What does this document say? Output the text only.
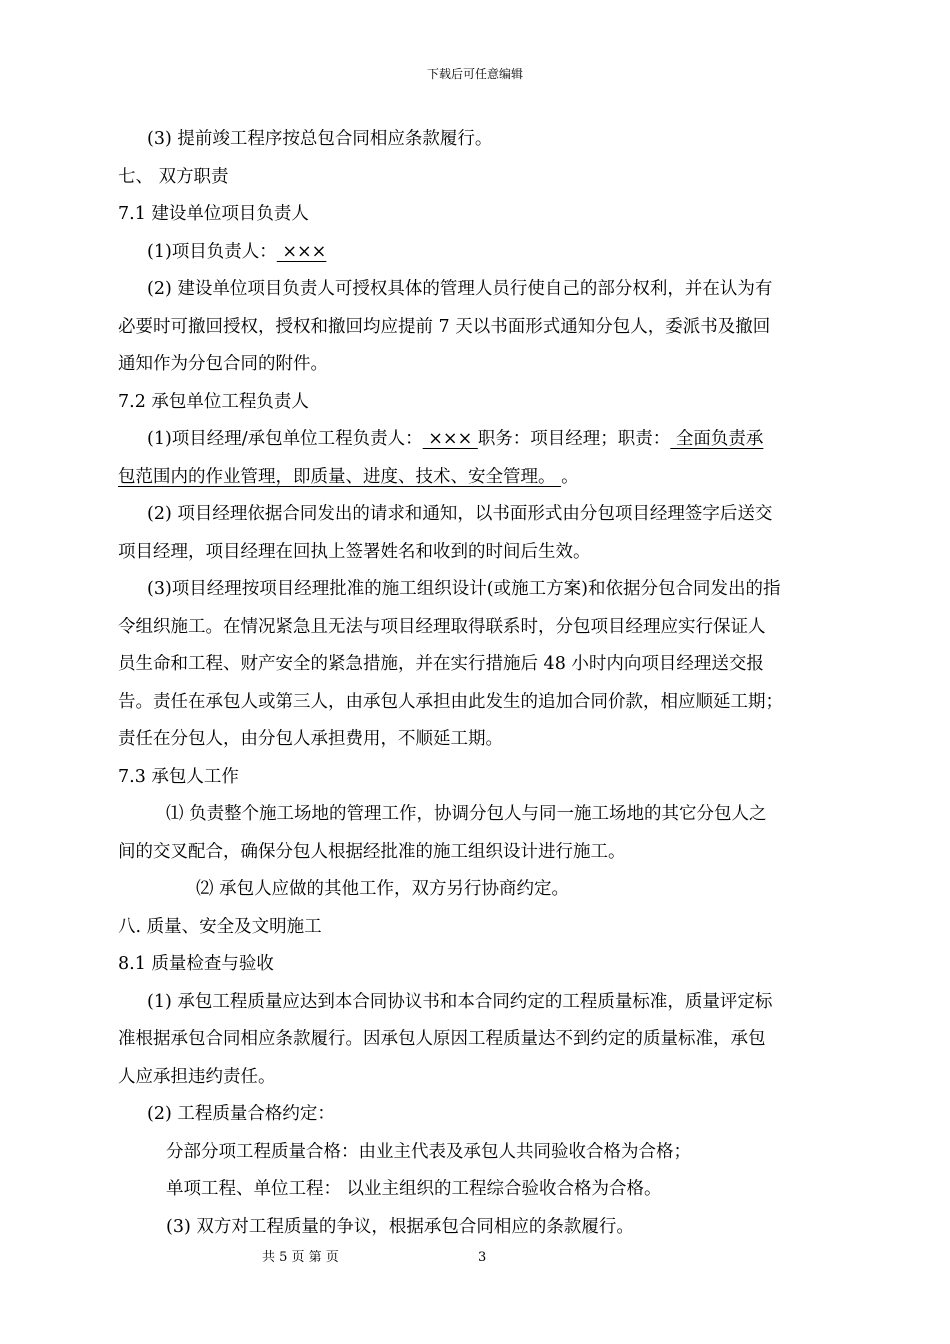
下载后可任意编辑
(3) 提前竣工程序按总包合同相应条款履行。
七、 双方职责
7.1 建设单位项目负责人
(1)项目负责人： ×××
(2) 建设单位项目负责人可授权具体的管理人员行使自己的部分权利，并在认为有
必要时可撤回授权，授权和撤回均应提前 7 天以书面形式通知分包人，委派书及撤回
通知作为分包合同的附件。
7.2 承包单位工程负责人
(1)项目经理/承包单位工程负责人： ××× 职务：项目经理；职责： 全面负责承
包范围内的作业管理，即质量、进度、技术、安全管理。 。
(2) 项目经理依据合同发出的请求和通知，以书面形式由分包项目经理签字后送交
项目经理，项目经理在回执上签署姓名和收到的时间后生效。
(3)项目经理按项目经理批准的施工组织设计(或施工方案)和依据分包合同发出的指
令组织施工。在情况紧急且无法与项目经理取得联系时，分包项目经理应实行保证人
员生命和工程、财产安全的紧急措施，并在实行措施后 48 小时内向项目经理送交报
告。责任在承包人或第三人，由承包人承担由此发生的追加合同价款，相应顺延工期；
责任在分包人，由分包人承担费用，不顺延工期。
7.3 承包人工作
⑴ 负责整个施工场地的管理工作，协调分包人与同一施工场地的其它分包人之
间的交叉配合，确保分包人根据经批准的施工组织设计进行施工。
⑵ 承包人应做的其他工作，双方另行协商约定。
八. 质量、安全及文明施工
8.1 质量检查与验收
(1) 承包工程质量应达到本合同协议书和本合同约定的工程质量标准，质量评定标
准根据承包合同相应条款履行。因承包人原因工程质量达不到约定的质量标准，承包
人应承担违约责任。
(2) 工程质量合格约定：
分部分项工程质量合格：由业主代表及承包人共同验收合格为合格；
单项工程、单位工程： 以业主组织的工程综合验收合格为合格。
(3) 双方对工程质量的争议，根据承包合同相应的条款履行。
共 5 页 第 页	3
